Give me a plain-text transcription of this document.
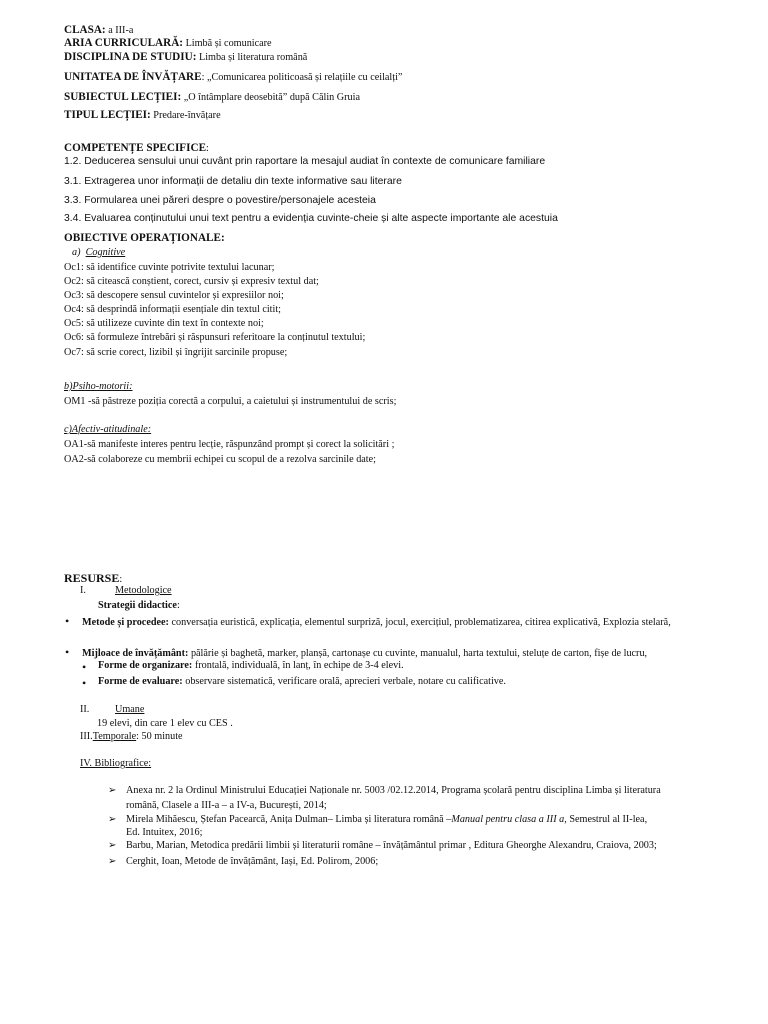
CLASA: a III-a
ARIA CURRICULARĂ: Limbă și comunicare
DISCIPLINA DE STUDIU: Limba și literatura română
UNITATEA DE ÎNVĂȚARE: „Comunicarea politicoasă și relațiile cu ceilalți”
SUBIECTUL LECȚIEI: „O întâmplare deosebită” după Călin Gruia
TIPUL LECȚIEI: Predare-învățare
COMPETENȚE SPECIFICE:
1.2. Deducerea sensului unui cuvânt prin raportare la mesajul audiat în contexte de comunicare familiare
3.1. Extragerea unor informații de detaliu din texte informative sau literare
3.3. Formularea unei păreri despre o povestire/personajele acesteia
3.4. Evaluarea conținutului unui text pentru a evidenția cuvinte-cheie și alte aspecte importante ale acestuia
OBIECTIVE OPERAȚIONALE:
a) Cognitive
Oc1: să identifice cuvinte potrivite textului lacunar;
Oc2: să citească conștient, corect, cursiv și expresiv textul dat;
Oc3: să descopere sensul cuvintelor și expresiilor noi;
Oc4: să desprindă informații esențiale din textul citit;
Oc5: să utilizeze cuvinte din text în contexte noi;
Oc6: să formuleze întrebări și răspunsuri referitoare la conținutul textului;
Oc7: să scrie corect, lizibil și îngrijit sarcinile propuse;
b)Psiho-motorii:
OM1 -să păstreze poziția corectă a corpului, a caietului și instrumentului de scris;
c)Afectiv-atitudinale:
OA1-să manifeste interes pentru lecție, răspunzând prompt și corect la solicitări ;
OA2-să colaboreze cu membrii echipei cu scopul de a rezolva sarcinile date;
RESURSE:
I.	Metodologice
Strategii didactice:
• Metode și procedee: conversația euristică, explicația, elementul surpriză, jocul, exercițiul, problematizarea, citirea explicativă, Explozia stelară,
• Mijloace de învățământ: pălărie și baghetă, marker, planșă, cartonașe cu cuvinte, manualul, harta textului, steluțe de carton, fișe de lucru,
• Forme de organizare: frontală, individuală, în lanț, în echipe de 3-4 elevi.
• Forme de evaluare: observare sistematică, verificare orală, aprecieri verbale, notare cu calificative.
II.	Umane
19 elevi, din care 1 elev cu CES .
III.Temporale: 50 minute
IV. Bibliografice:
➢ Anexa nr. 2 la Ordinul Ministrului Educației Naționale nr. 5003 /02.12.2014, Programa școlară pentru disciplina Limba și literatura
română, Clasele a III-a – a IV-a, București, 2014;
➢ Mirela Mihăescu, Ștefan Pacearcă, Anița Dulman– Limba și literatura română –Manual pentru clasa a III a, Semestrul al II-lea,
Ed. Intuitex, 2016;
➢ Barbu, Marian, Metodica predării limbii și literaturii române – învățământul primar , Editura Gheorghe Alexandru, Craiova, 2003;
➢ Cerghit, Ioan, Metode de învățământ, Iași, Ed. Polirom, 2006;
